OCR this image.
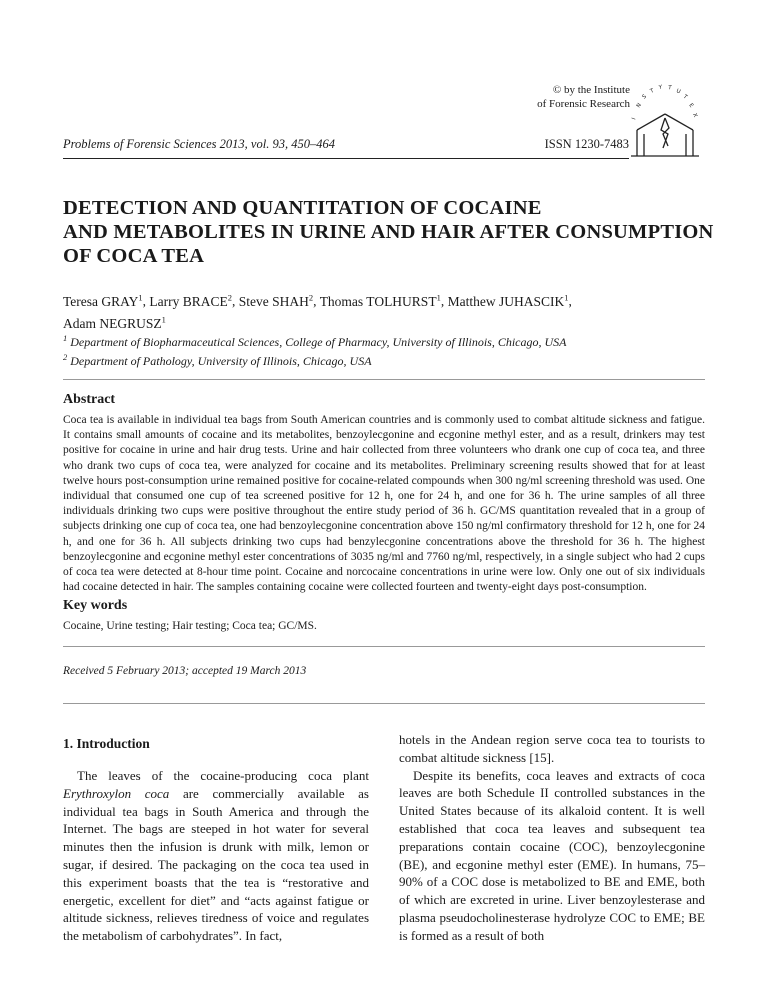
© by the Institute
of Forensic Research
I
N
S
T
Y T
U
T
E
X
Problems of Forensic Sciences 2013, vol. 93, 450–464	ISSN 1230-7483
DETECTION AND QUANTITATION OF COCAINE
AND METABOLITES IN URINE AND HAIR AFTER CONSUMPTION
OF COCA TEA
Teresa GRAY$^1$, Larry BRACE$^2$, Steve SHAH$^2$, Thomas TOLHURST$^1$, Matthew JUHASCIK$^1$,
Adam NEGRUSZ$^1$
$^1$ Department of Biopharmaceutical Sciences, College of Pharmacy, University of Illinois, Chicago, USA
$^2$ Department of Pathology, University of Illinois, Chicago, USA
Abstract
Coca tea is available in individual tea bags from South American countries and is commonly used to combat altitude sickness and fatigue. It contains small amounts of cocaine and its metabolites, benzoylecgonine and ecgonine methyl ester, and as a result, drinkers may test positive for cocaine in urine and hair drug tests. Urine and hair collected from three volunteers who drank one cup of coca tea, and three who drank two cups of coca tea, were analyzed for cocaine and its metabolites. Preliminary screening results showed that for at least twelve hours post-consumption urine remained positive for cocaine-related compounds when 300 ng/ml screening threshold was used. One individual that consumed one cup of tea screened positive for 12 h, one for 24 h, and one for 36 h. The urine samples of all three individuals drinking two cups were positive throughout the entire study period of 36 h. GC/MS quantitation revealed that in a group of subjects drinking one cup of coca tea, one had benzoylecgonine concentration above 150 ng/ml confirmatory threshold for 12 h, one for 24 h, and one for 36 h. All subjects drinking two cups had benzylecgonine concentrations above the threshold for 36 h. The highest benzoylecgonine and ecgonine methyl ester concentrations of 3035 ng/ml and 7760 ng/ml, respectively, in a single subject who had 2 cups of coca tea were detected at 8-hour time point. Cocaine and norcocaine concentrations in urine were low. Only one out of six individuals had cocaine detected in hair. The samples containing cocaine were collected fourteen and twenty-eight days post-consumption.
Key words
Cocaine, Urine testing; Hair testing; Coca tea; GC/MS.
Received 5 February 2013; accepted 19 March 2013
1. Introduction

The leaves of the cocaine-producing coca plant Erythroxylon coca are commercially available as individual tea bags in South America and through the Internet. The bags are steeped in hot water for several minutes then the infusion is drunk with milk, lemon or sugar, if desired. The packaging on the coca tea used in this experiment boasts that the tea is “restorative and energetic, excellent for diet” and “acts against fatigue or altitude sickness, relieves tiredness of voice and regulates the metabolism of carbohydrates”. In fact,

hotels in the Andean region serve coca tea to tourists to combat altitude sickness [15].

Despite its benefits, coca leaves and extracts of coca leaves are both Schedule II controlled substances in the United States because of its alkaloid content. It is well established that coca tea leaves and subsequent tea preparations contain cocaine (COC), benzoylecgonine (BE), and ecgonine methyl ester (EME). In humans, 75–90% of a COC dose is metabolized to BE and EME, both of which are excreted in urine. Liver benzoylesterase and plasma pseudocholinesterase hydrolyze COC to EME; BE is formed as a result of both
